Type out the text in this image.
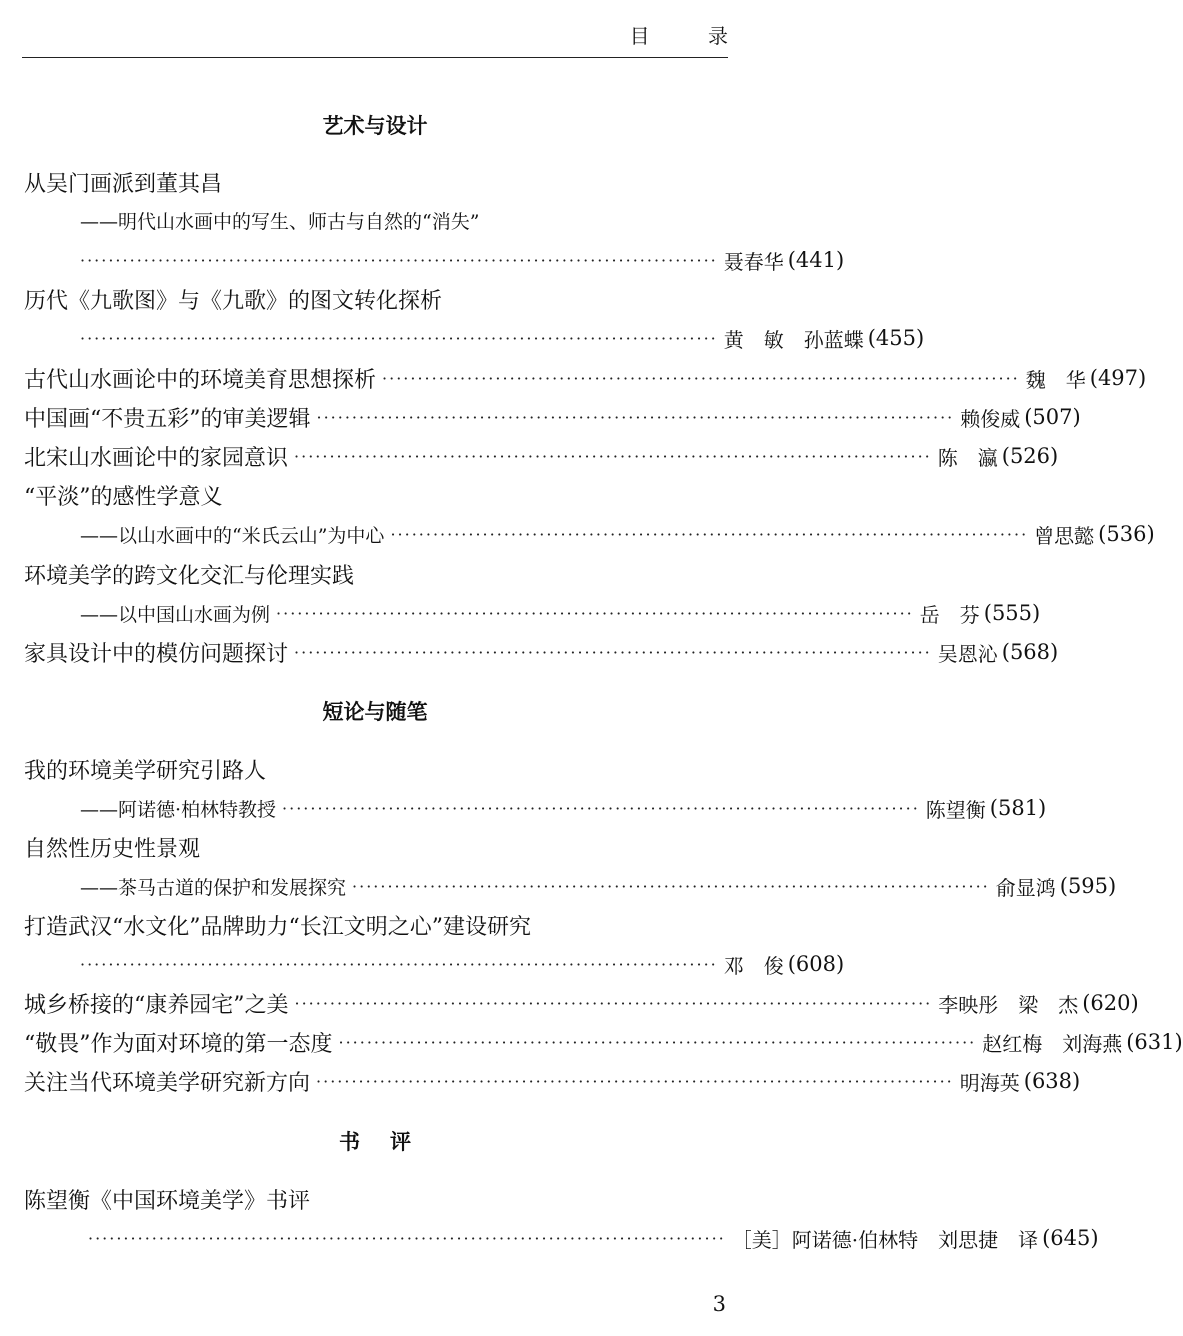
目 录
艺术与设计
从吴门画派到董其昌
——明代山水画中的写生、师古与自然的“消失”
·························································································· 聂春华 (441)
历代《九歌图》与《九歌》的图文转化探析
·························································································· 黄　敏　孙蓝蝶 (455)
古代山水画论中的环境美育思想探析 ·························································································· 魏　华 (497)
中国画“不贵五彩”的审美逻辑 ·························································································· 赖俊威 (507)
北宋山水画论中的家园意识 ·························································································· 陈　瀛 (526)
“平淡”的感性学意义
——以山水画中的“米氏云山”为中心 ·························································································· 曾思懿 (536)
环境美学的跨文化交汇与伦理实践
——以中国山水画为例 ·························································································· 岳　芬 (555)
家具设计中的模仿问题探讨 ·························································································· 吴恩沁 (568)
短论与随笔
我的环境美学研究引路人
——阿诺德·柏林特教授 ·························································································· 陈望衡 (581)
自然性历史性景观
——茶马古道的保护和发展探究 ·························································································· 俞显鸿 (595)
打造武汉“水文化”品牌助力“长江文明之心”建设研究
·························································································· 邓　俊 (608)
城乡桥接的“康养园宅”之美 ·························································································· 李映彤　梁　杰 (620)
“敬畏”作为面对环境的第一态度 ·························································································· 赵红梅　刘海燕 (631)
关注当代环境美学研究新方向 ·························································································· 明海英 (638)
书评
陈望衡《中国环境美学》书评
·························································································· ［美］阿诺德·伯林特　刘思捷　译 (645)
3
